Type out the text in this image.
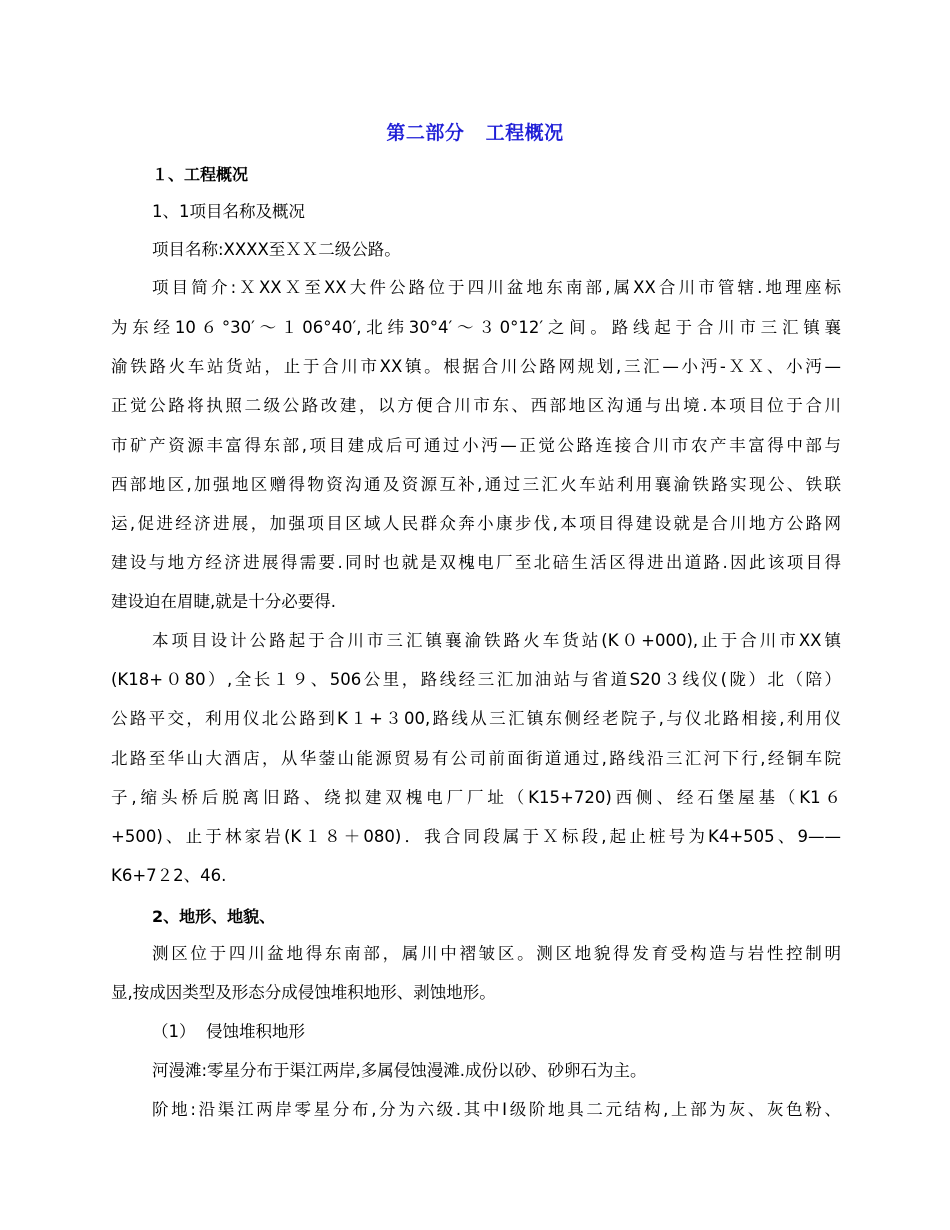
第二部分   工程概况
１、工程概况
1、1项目名称及概况
项目名称:XXXX至ＸＸ二级公路。
项目简介:ＸXXＸ至XX大件公路位于四川盆地东南部,属XX合川市管辖.地理座标
为东经10６°30′～１06°40′,北纬30°4′～３0°12′之间。路线起于合川市三汇镇襄
渝铁路火车站货站，止于合川市XX镇。根据合川公路网规划,三汇—小沔-ＸＸ、小沔—
正觉公路将执照二级公路改建，以方便合川市东、西部地区沟通与出境.本项目位于合川
市矿产资源丰富得东部,项目建成后可通过小沔—正觉公路连接合川市农产丰富得中部与
西部地区,加强地区赠得物资沟通及资源互补,通过三汇火车站利用襄渝铁路实现公、铁联
运,促进经济进展，加强项目区域人民群众奔小康步伐,本项目得建设就是合川地方公路网
建设与地方经济进展得需要.同时也就是双槐电厂至北碚生活区得进出道路.因此该项目得
建设迫在眉睫,就是十分必要得.
本项目设计公路起于合川市三汇镇襄渝铁路火车货站(K０+000),止于合川市XX镇
(K18+０80）,全长１９、506公里，路线经三汇加油站与省道S20３线仪(陇）北（陪）
公路平交，利用仪北公路到K１+３00,路线从三汇镇东侧经老院子,与仪北路相接,利用仪
北路至华山大酒店，从华蓥山能源贸易有公司前面街道通过,路线沿三汇河下行,经铜车院
子,缩头桥后脱离旧路、绕拟建双槐电厂厂址（K15+720)西侧、经石堡屋基（K1６
+500)、止于林家岩(K１８＋080)．我合同段属于Ｘ标段,起止桩号为K4+505、9——
K6+7２2、46.
2、地形、地貌、
测区位于四川盆地得东南部，属川中褶皱区。测区地貌得发育受构造与岩性控制明
显,按成因类型及形态分成侵蚀堆积地形、剥蚀地形。
（1）  侵蚀堆积地形
河漫滩:零星分布于渠江两岸,多属侵蚀漫滩.成份以砂、砂卵石为主。
阶地:沿渠江两岸零星分布,分为六级.其中Ⅰ级阶地具二元结构,上部为灰、灰色粉、
